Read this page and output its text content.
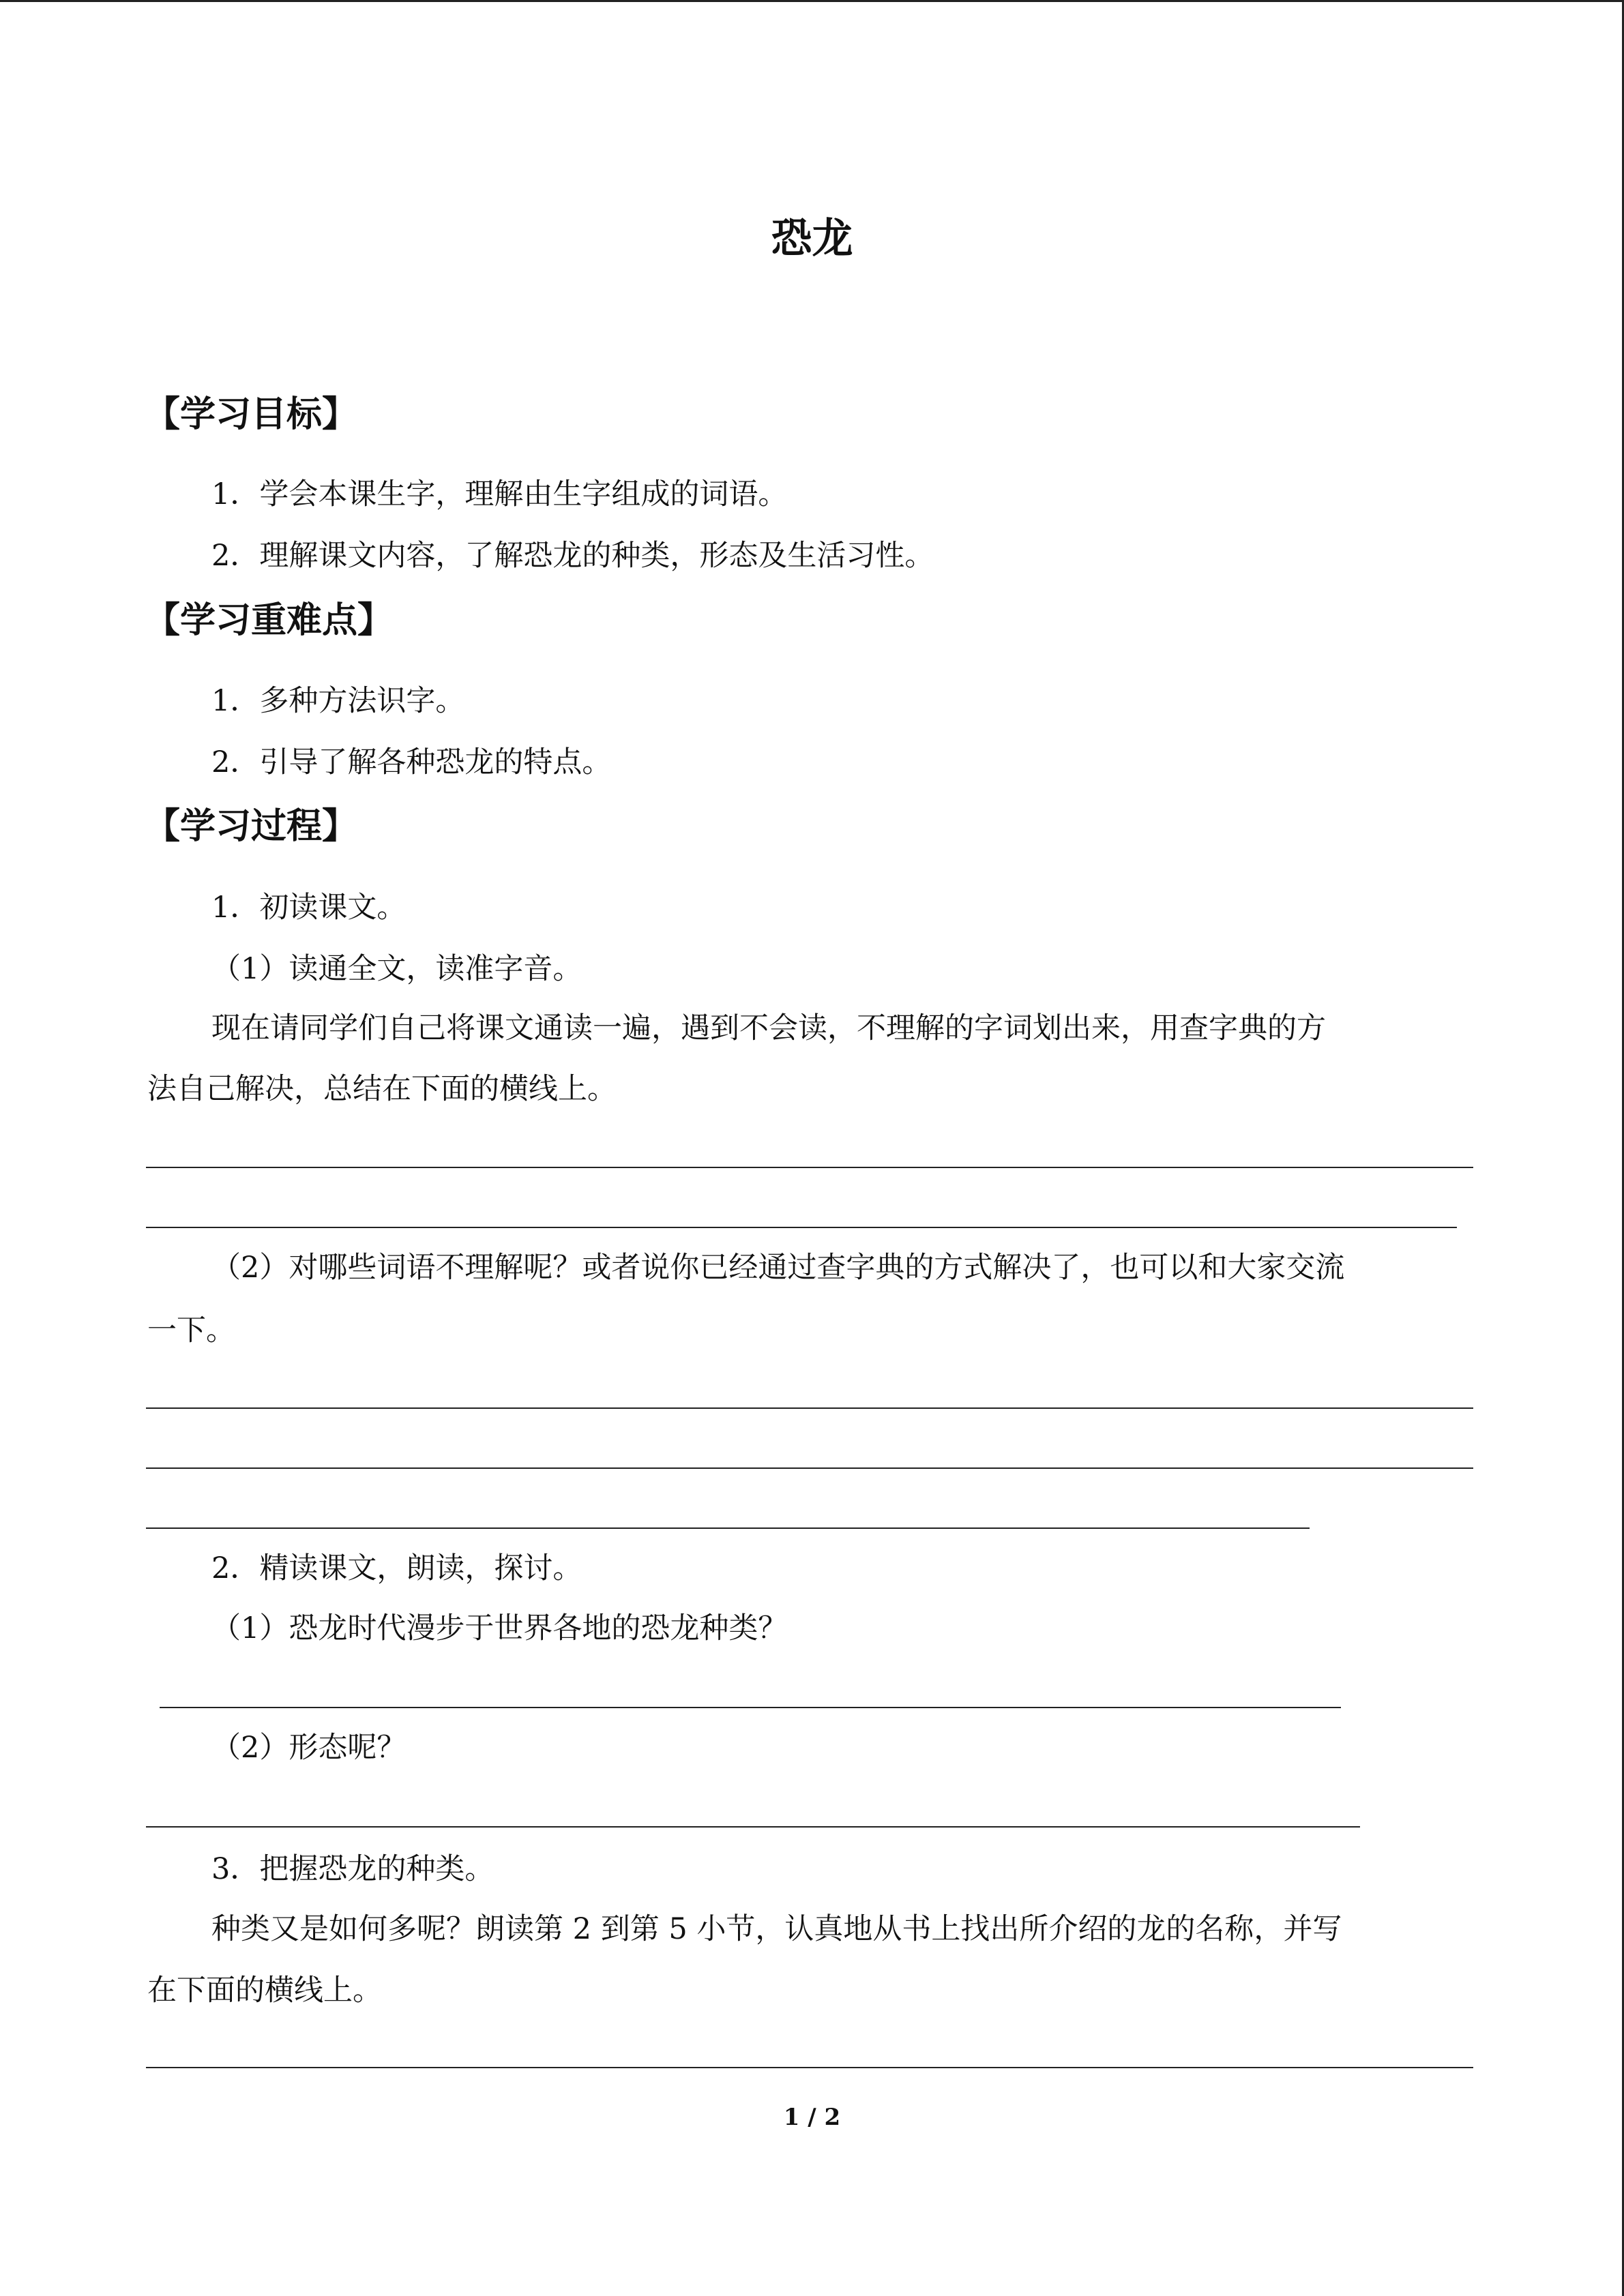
恐龙
【学习目标】
1．学会本课生字，理解由生字组成的词语。
2．理解课文内容，了解恐龙的种类，形态及生活习性。
【学习重难点】
1．多种方法识字。
2．引导了解各种恐龙的特点。
【学习过程】
1．初读课文。
（1）读通全文，读准字音。
现在请同学们自己将课文通读一遍，遇到不会读，不理解的字词划出来，用查字典的方
法自己解决，总结在下面的横线上。
（2）对哪些词语不理解呢？或者说你已经通过查字典的方式解决了，也可以和大家交流
一下。
2．精读课文，朗读，探讨。
（1）恐龙时代漫步于世界各地的恐龙种类？
（2）形态呢？
3．把握恐龙的种类。
种类又是如何多呢？朗读第 2 到第 5 小节，认真地从书上找出所介绍的龙的名称，并写
在下面的横线上。
1 / 2
